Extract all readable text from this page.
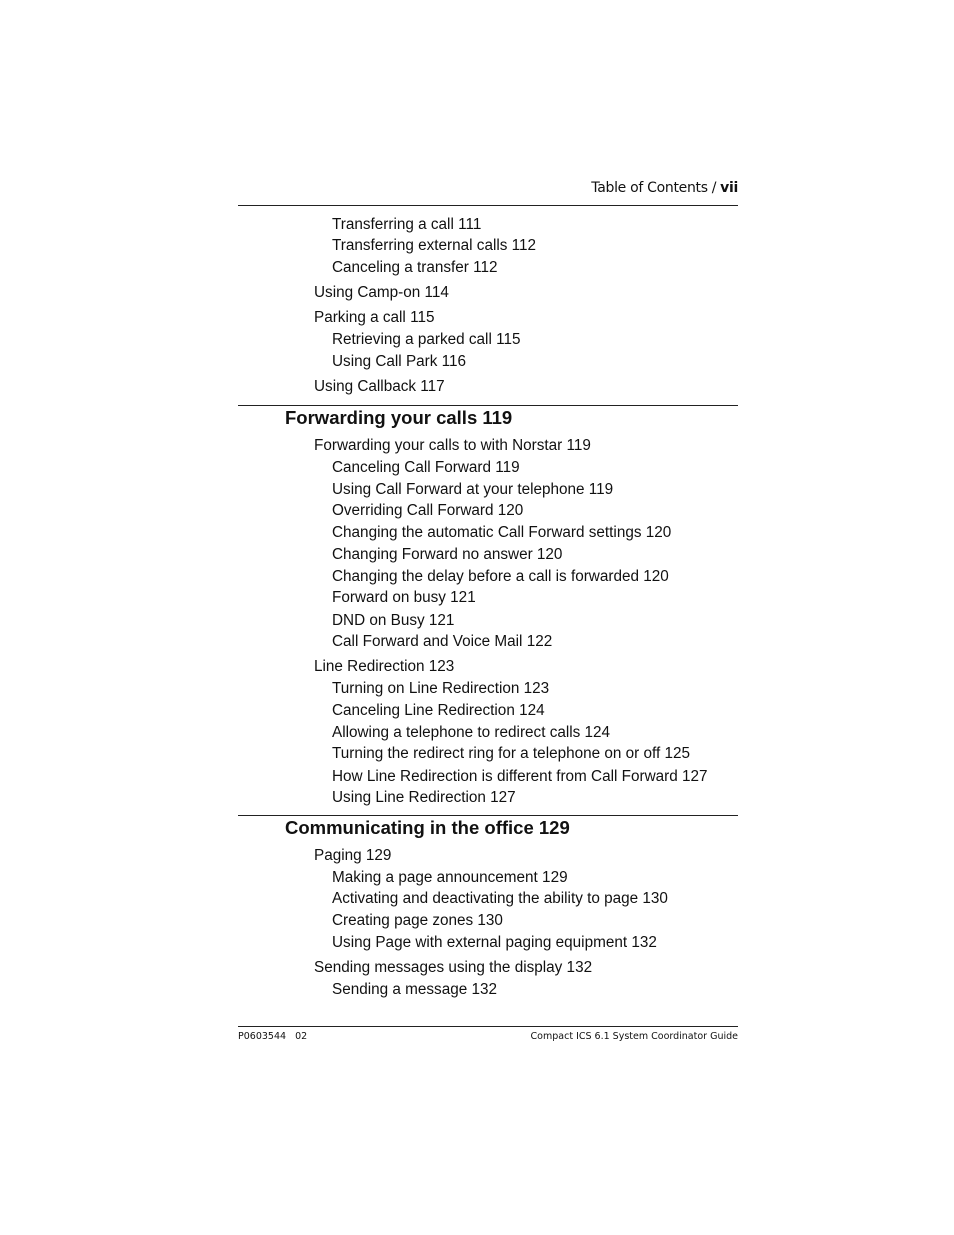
Table of Contents / vii
Transferring a call 111
Transferring external calls 112
Canceling a transfer 112
Using Camp-on 114
Parking a call 115
Retrieving a parked call 115
Using Call Park 116
Using Callback 117
Forwarding your calls 119
Forwarding your calls to with Norstar 119
Canceling Call Forward 119
Using Call Forward at your telephone 119
Overriding Call Forward 120
Changing the automatic Call Forward settings 120
Changing Forward no answer 120
Changing the delay before a call is forwarded 120
Forward on busy 121
DND on Busy 121
Call Forward and Voice Mail 122
Line Redirection 123
Turning on Line Redirection 123
Canceling Line Redirection 124
Allowing a telephone to redirect calls 124
Turning the redirect ring for a telephone on or off 125
How Line Redirection is different from Call Forward 127
Using Line Redirection 127
Communicating in the office 129
Paging 129
Making a page announcement 129
Activating and deactivating the ability to page 130
Creating page zones 130
Using Page with external paging equipment 132
Sending messages using the display 132
Sending a message 132
P0603544   02	Compact ICS 6.1 System Coordinator Guide
